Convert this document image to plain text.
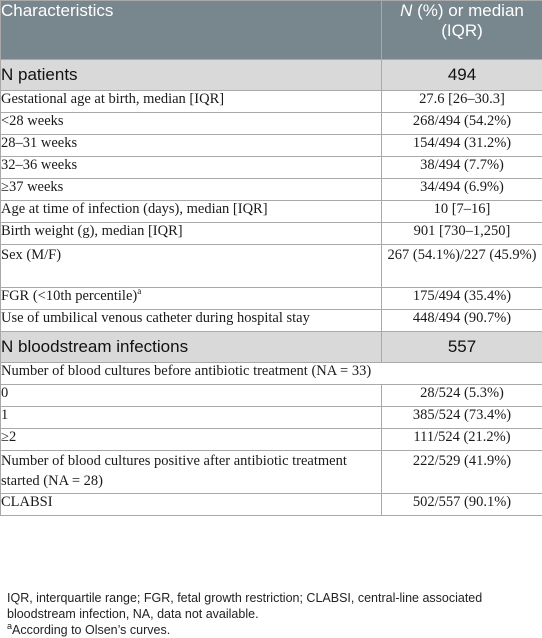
Characteristics	N (%) or median (IQR)
N patients	494
Gestational age at birth, median [IQR]	27.6 [26–30.3]
<28 weeks	268/494 (54.2%)
28–31 weeks	154/494 (31.2%)
32–36 weeks	38/494 (7.7%)
≥37 weeks	34/494 (6.9%)
Age at time of infection (days), median [IQR]	10 [7–16]
Birth weight (g), median [IQR]	901 [730–1,250]
Sex (M/F)	267 (54.1%)/227 (45.9%)
FGR (<10th percentile)$^a$	175/494 (35.4%)
Use of umbilical venous catheter during hospital stay	448/494 (90.7%)
N bloodstream infections	557
Number of blood cultures before antibiotic treatment (NA = 33)	
0	28/524 (5.3%)
1	385/524 (73.4%)
≥2	111/524 (21.2%)
Number of blood cultures positive after antibiotic treatment started (NA = 28)	222/529 (41.9%)
CLABSI	502/557 (90.1%)
IQR, interquartile range; FGR, fetal growth restriction; CLABSI, central-line associated bloodstream infection, NA, data not available.
$^a$According to Olsen’s curves.
